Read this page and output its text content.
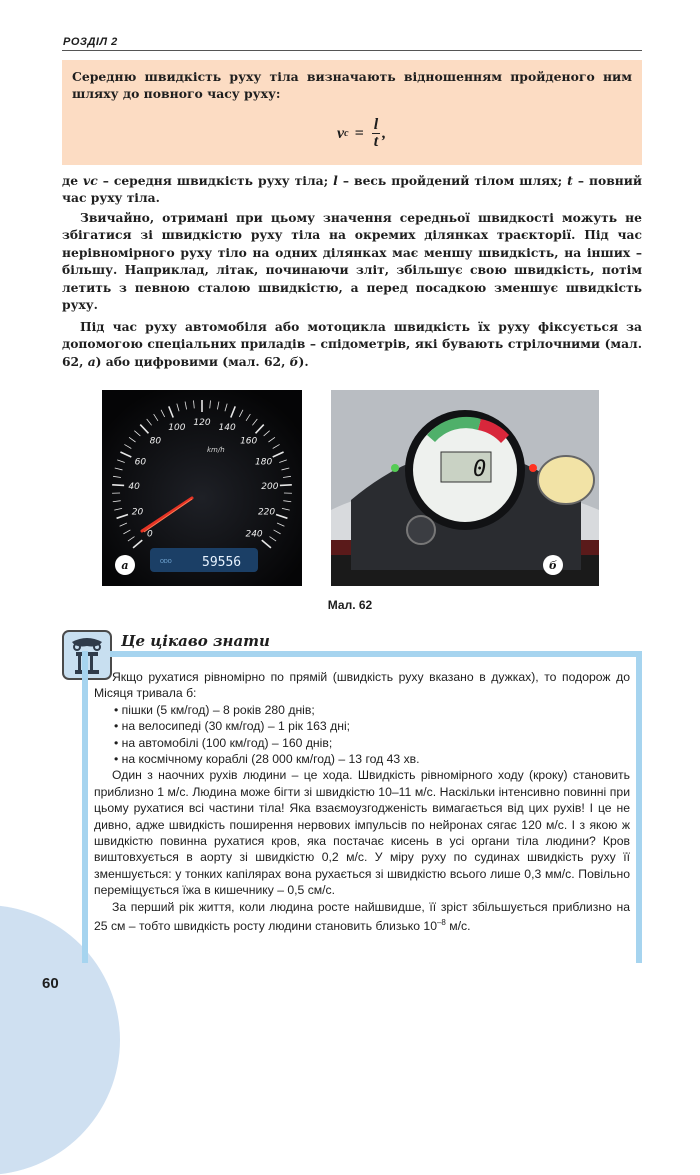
60
РОЗДІЛ 2
Середню швидкість руху тіла визначають відношенням пройденого ним шляху до повного часу руху:
v $c = \frac{l}{t}$ ,

де vс – середня швидкість руху тіла; l – весь пройдений тілом шлях; t – повний час руху тіла.

Звичайно, отримані при цьому значення середньої швидкості можуть не збігатися зі швидкістю руху тіла на окремих ділянках траєкторії. Під час нерівномірного руху тіло на одних ділянках має меншу швидкість, на інших – більшу. Наприклад, літак, починаючи зліт, збільшує свою швидкість, потім летить з певною сталою швидкістю, а перед посадкою зменшує швидкість руху.

Під час руху автомобіля або мотоцикла швидкість їх руху фіксується за допомогою спеціальних приладів – спідометрів, які бувають стрілочними (мал. 62, а) або цифровими (мал. 62, б).

0
20
40
60
80
100 120 140
160
180
200
220
240
km/h
ODO 59556
а
0
б
Мал. 62
Це цікаво знати

Якщо рухатися рівномірно по прямій (швидкість руху вказано в дужках), то подорож до Місяця тривала б:

• пішки (5 км/год) – 8 років 280 днів;
• на велосипеді (30 км/год) – 1 рік 163 дні;
• на автомобілі (100 км/год) – 160 днів;
• на космічному кораблі (28 000 км/год) – 13 год 43 хв.

Один з наочних рухів людини – це хода. Швидкість рівномірного ходу (кроку) становить приблизно 1 м/с. Людина може бігти зі швидкістю 10–11 м/с. Наскільки інтенсивно повинні при цьому рухатися всі частини тіла! Яка взаємоузгодженість вимагається від цих рухів! І це не дивно, адже швидкість поширення нервових імпульсів по нейронах сягає 120 м/с. І з якою ж швидкістю повинна рухатися кров, яка постачає кисень в усі органи тіла людини? Кров виштовхується в аорту зі швидкістю 0,2 м/с. У міру руху по судинах швидкість руху її зменшується: у тонких капілярах вона рухається зі швидкістю всього лише 0,3 мм/с. Повільно переміщується їжа в кишечнику – 0,5 см/с.

За перший рік життя, коли людина росте найшвидше, її зріст збільшується приблизно на 25 см – тобто швидкість росту людини становить близько $10^{-8}$ м/с.
